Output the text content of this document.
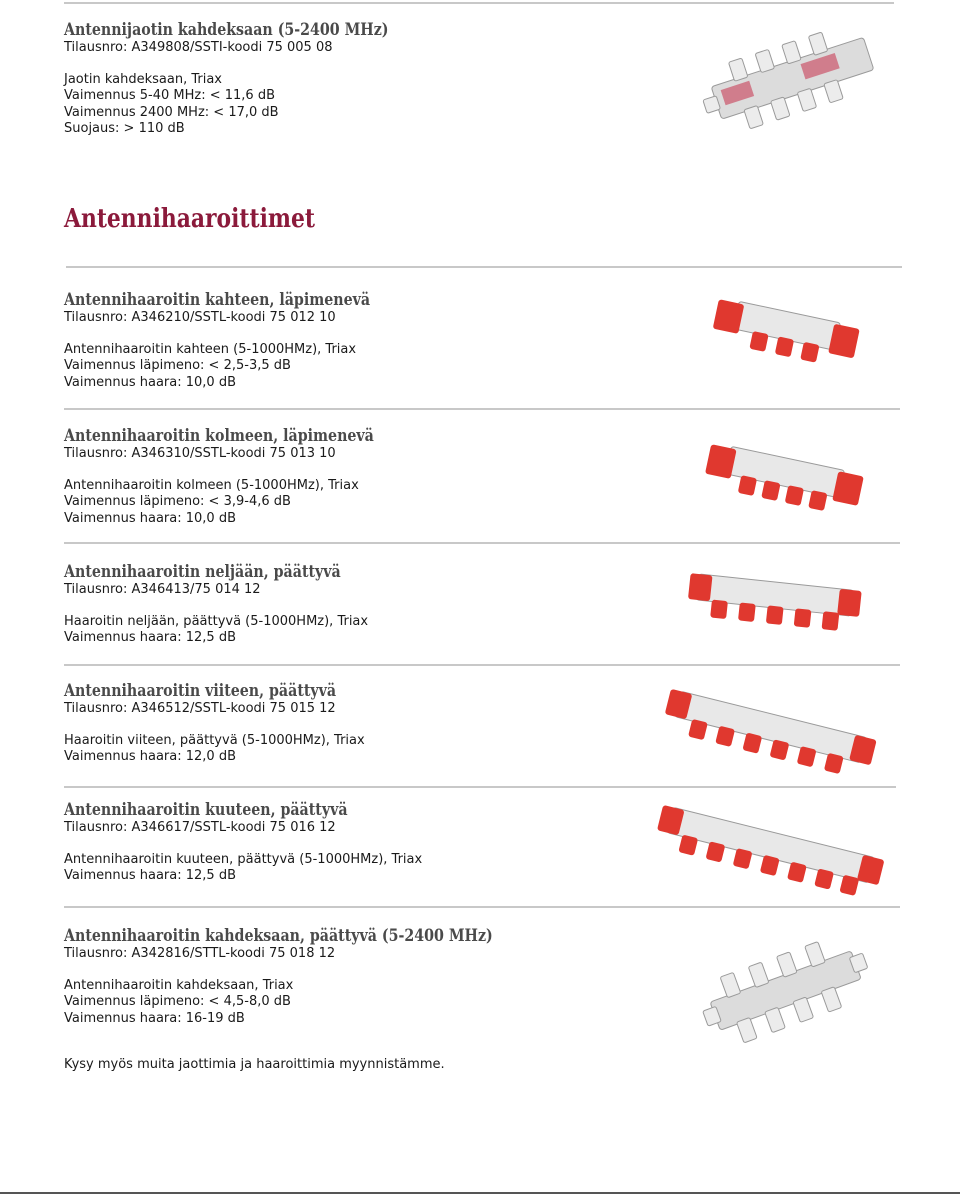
Antennijaotin kahdeksaan (5-2400 MHz)
Tilausnro: A349808/SSTI-koodi 75 005 08
Jaotin kahdeksaan, Triax
Vaimennus 5-40 MHz: < 11,6 dB
Vaimennus 2400 MHz: < 17,0 dB
Suojaus: > 110 dB
Antennihaaroittimet
Antennihaaroitin kahteen, läpimenevä
Tilausnro: A346210/SSTL-koodi 75 012 10
Antennihaaroitin kahteen (5-1000HMz), Triax
Vaimennus läpimeno: < 2,5-3,5 dB
Vaimennus haara: 10,0 dB
Antennihaaroitin kolmeen, läpimenevä
Tilausnro: A346310/SSTL-koodi 75 013 10
Antennihaaroitin kolmeen (5-1000HMz), Triax
Vaimennus läpimeno: < 3,9-4,6 dB
Vaimennus haara: 10,0 dB
Antennihaaroitin neljään, päättyvä
Tilausnro: A346413/75 014 12
Haaroitin neljään, päättyvä (5-1000HMz), Triax
Vaimennus haara: 12,5 dB
Antennihaaroitin viiteen, päättyvä
Tilausnro: A346512/SSTL-koodi 75 015 12
Haaroitin viiteen, päättyvä (5-1000HMz), Triax
Vaimennus haara: 12,0 dB
Antennihaaroitin kuuteen, päättyvä
Tilausnro: A346617/SSTL-koodi 75 016 12
Antennihaaroitin kuuteen, päättyvä (5-1000HMz), Triax
Vaimennus haara: 12,5 dB
Antennihaaroitin kahdeksaan, päättyvä (5-2400 MHz)
Tilausnro: A342816/STTL-koodi 75 018 12
Antennihaaroitin kahdeksaan, Triax
Vaimennus läpimeno: < 4,5-8,0 dB
Vaimennus haara: 16-19 dB
Kysy myös muita jaottimia ja haaroittimia myynnistämme.
